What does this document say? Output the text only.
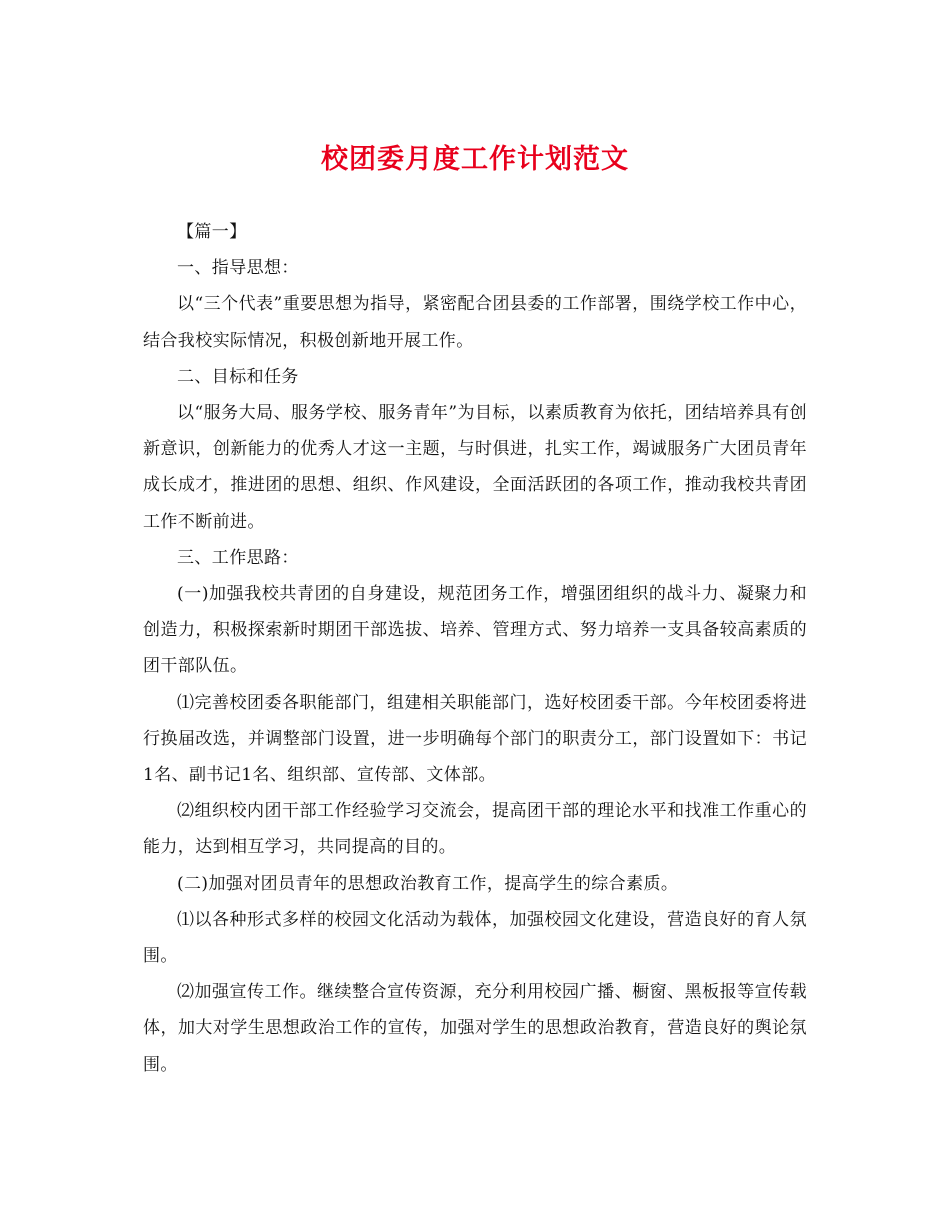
校团委月度工作计划范文

【篇一】

一、指导思想：

以“三个代表”重要思想为指导，紧密配合团县委的工作部署，围绕学校工作中心，结合我校实际情况，积极创新地开展工作。

二、目标和任务

以“服务大局、服务学校、服务青年”为目标，以素质教育为依托，团结培养具有创新意识，创新能力的优秀人才这一主题，与时俱进，扎实工作，竭诚服务广大团员青年成长成才，推进团的思想、组织、作风建设，全面活跃团的各项工作，推动我校共青团工作不断前进。

三、工作思路：

(一)加强我校共青团的自身建设，规范团务工作，增强团组织的战斗力、凝聚力和创造力，积极探索新时期团干部选拔、培养、管理方式、努力培养一支具备较高素质的团干部队伍。

⑴完善校团委各职能部门，组建相关职能部门，选好校团委干部。今年校团委将进行换届改选，并调整部门设置，进一步明确每个部门的职责分工，部门设置如下：书记1名、副书记1名、组织部、宣传部、文体部。

⑵组织校内团干部工作经验学习交流会，提高团干部的理论水平和找准工作重心的能力，达到相互学习，共同提高的目的。

(二)加强对团员青年的思想政治教育工作，提高学生的综合素质。

⑴以各种形式多样的校园文化活动为载体，加强校园文化建设，营造良好的育人氛围。

⑵加强宣传工作。继续整合宣传资源，充分利用校园广播、橱窗、黑板报等宣传载体，加大对学生思想政治工作的宣传，加强对学生的思想政治教育，营造良好的舆论氛围。
